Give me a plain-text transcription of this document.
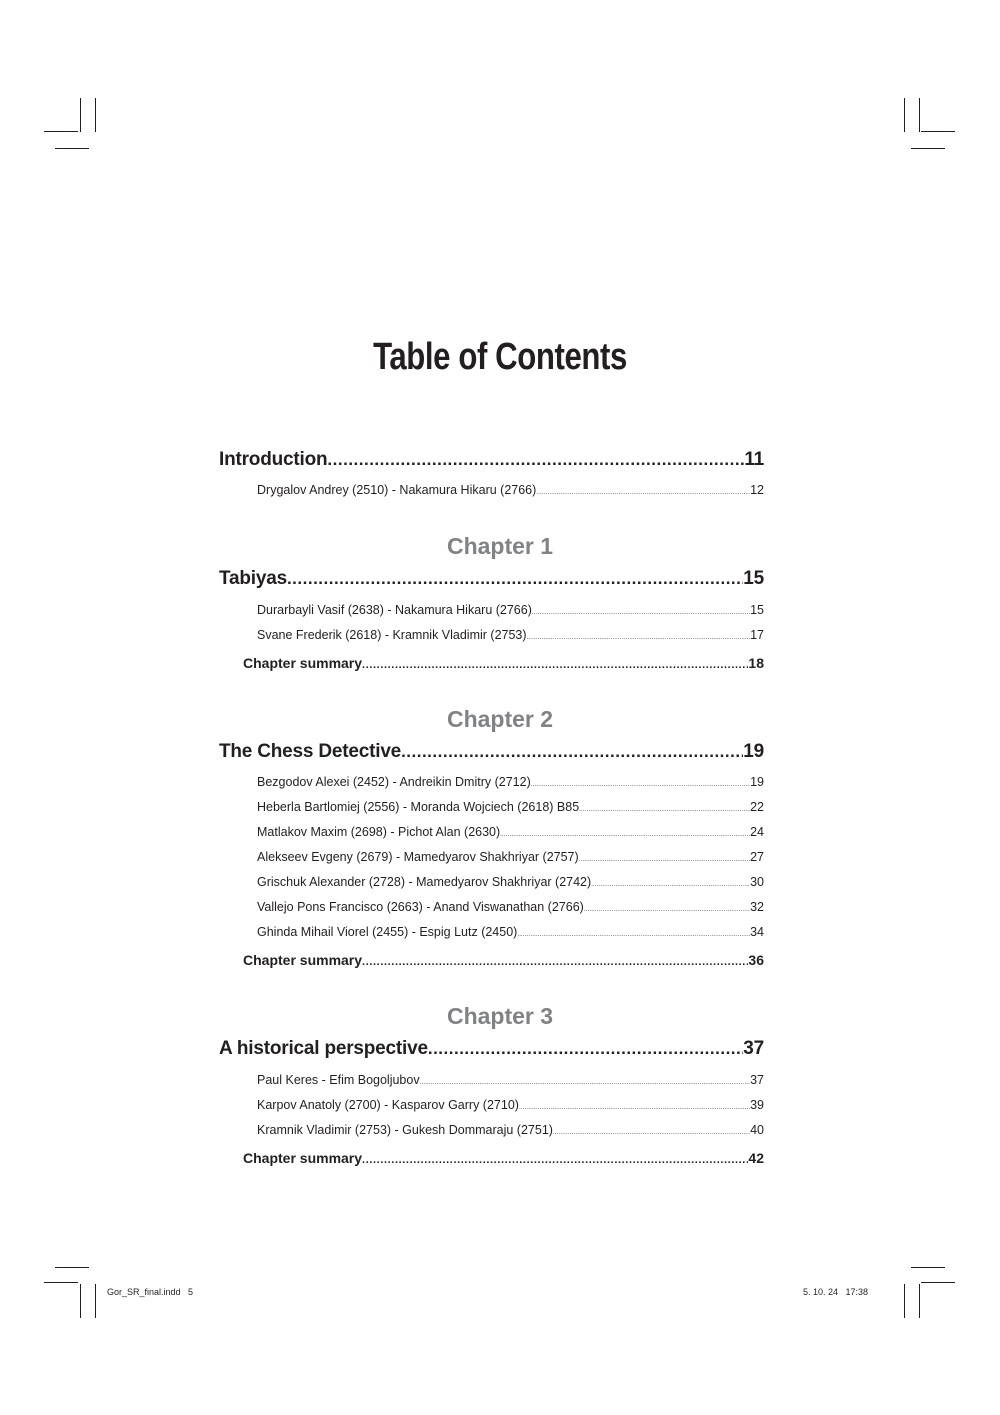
Table of Contents
Introduction .....	11
Drygalov Andrey (2510) - Nakamura Hikaru (2766) .....	12
Chapter 1
Tabiyas .....	15
Durarbayli Vasif (2638) - Nakamura Hikaru (2766) .....	15
Svane Frederik (2618) - Kramnik Vladimir (2753) .....	17
Chapter summary .....	18
Chapter 2
The Chess Detective .....	19
Bezgodov Alexei (2452) - Andreikin Dmitry (2712) .....	19
Heberla Bartlomiej (2556) - Moranda Wojciech (2618) B85 .....	22
Matlakov Maxim (2698) - Pichot Alan (2630) .....	24
Alekseev Evgeny (2679) - Mamedyarov Shakhriyar (2757) .....	27
Grischuk Alexander (2728) - Mamedyarov Shakhriyar (2742) .....	30
Vallejo Pons Francisco (2663) - Anand Viswanathan (2766) .....	32
Ghinda Mihail Viorel (2455) - Espig Lutz (2450) .....	34
Chapter summary .....	36
Chapter 3
A historical perspective .....	37
Paul Keres - Efim Bogoljubov .....	37
Karpov Anatoly (2700) - Kasparov Garry (2710) .....	39
Kramnik Vladimir (2753) - Gukesh Dommaraju (2751) .....	40
Chapter summary .....	42
Gor_SR_final.indd   5	5. 10. 24   17:38
